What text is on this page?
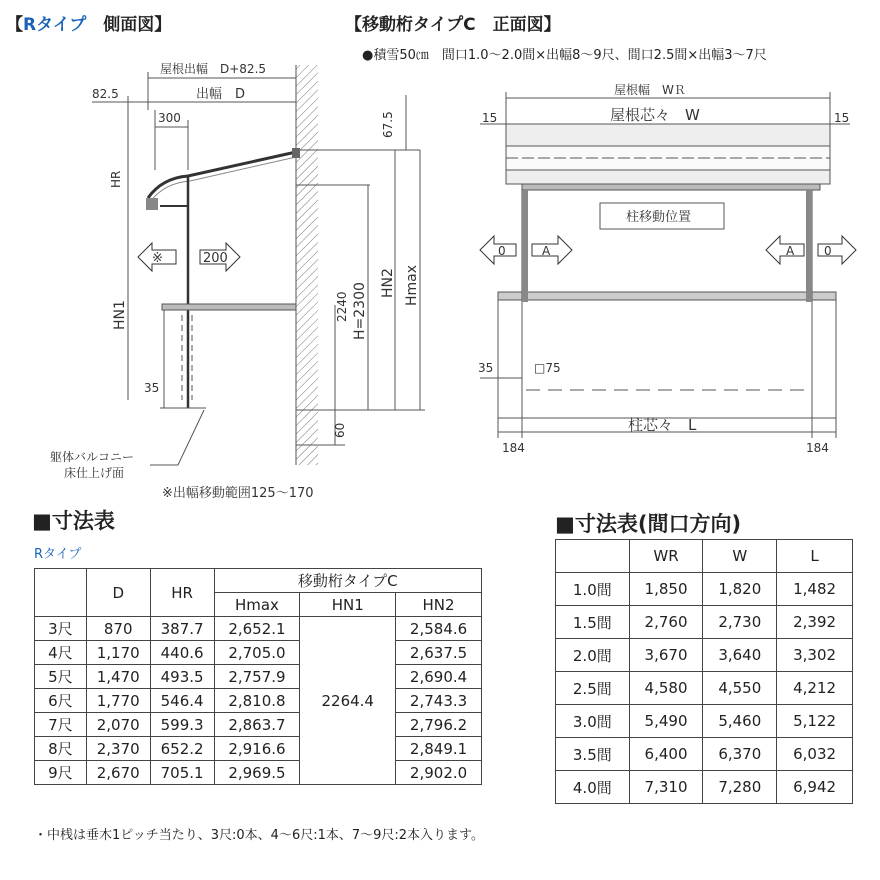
【Rタイプ　 側面図】	【移動桁タイプC　正面図】
●積雪50㎝　間口1.0〜2.0間×出幅8〜9尺、間口2.5間×出幅3〜7尺
屋根出幅　D+82.5
82.5	出幅　D
300	67.5
HR
HN1	2240 H=2300 HN2 Hmax
※	200
35
60
躯体バルコニー
床仕上げ面
※出幅移動範囲125〜170
屋根幅　WＲ
屋根芯々　W
15	15
柱移動位置
0	A	A 0
35	□75
柱芯々　L
184	184
■寸法表
Rタイプ
■寸法表(間口方向)
	D	HR	移動桁タイプC		
			Hmax	HN1	HN2
3尺	870	387.7	2,652.1	2264.4	2,584.6
4尺	1,170	440.6	2,705.0		2,637.5
5尺	1,470	493.5	2,757.9		2,690.4
6尺	1,770	546.4	2,810.8		2,743.3
7尺	2,070	599.3	2,863.7		2,796.2
8尺	2,370	652.2	2,916.6		2,849.1
9尺	2,670	705.1	2,969.5		2,902.0
	WR	W	L
1.0間	1,850	1,820	1,482
1.5間	2,760	2,730	2,392
2.0間	3,670	3,640	3,302
2.5間	4,580	4,550	4,212
3.0間	5,490	5,460	5,122
3.5間	6,400	6,370	6,032
4.0間	7,310	7,280	6,942
・中桟は垂木1ピッチ当たり、3尺:0本、4〜6尺:1本、7〜9尺:2本入ります。
